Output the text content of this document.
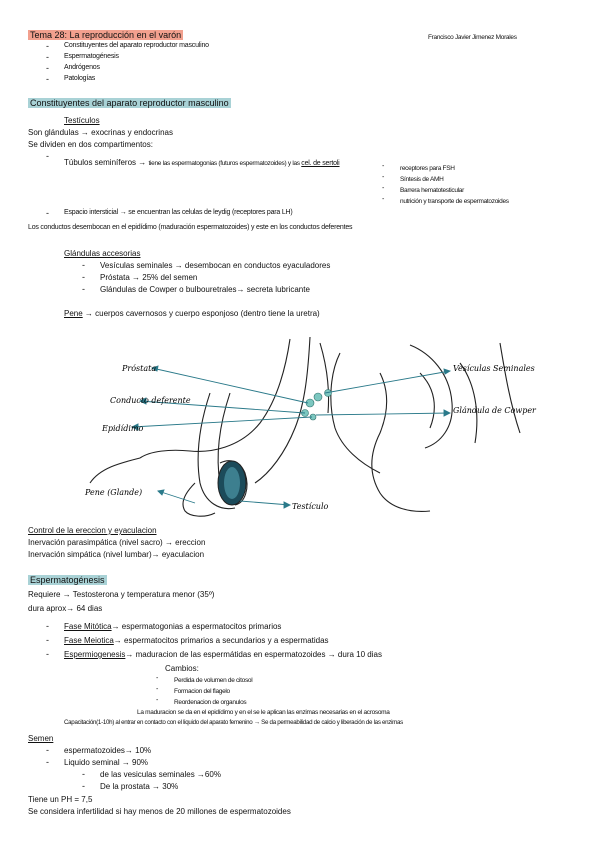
Tema 28: La reproducción en el varón	Francisco Javier Jimenez Morales
- Constituyentes del aparato reproductor masculino
- Espermatogénesis
- Andrógenos
- Patologías
Constituyentes del aparato reproductor masculino
Testículos
Son glándulas → exocrinas y endocrinas
Se dividen en dos compartimentos:
-
Túbulos seminíferos → tiene las espermatogonias (futuros espermatozoides) y las cel. de sertoli	- receptores para FSH
- Síntesis de AMH
- Barrera hematotesticular
- nutrición y transporte de espermatozoides
- Espacio intersticial → se encuentran las celulas de leydig (receptores para LH)
Los conductos desembocan en el epidídimo (maduración espermatozoides) y este en los conductos deferentes
Glándulas accesorias
- Vesículas seminales → desembocan en conductos eyaculadores
- Próstata → 25% del semen
- Glándulas de Cowper o bulbouretrales→ secreta lubricante
Pene → cuerpos cavernosos y cuerpo esponjoso (dentro tiene la uretra)
Próstata
Conducto deferente
Epidídimo
Pene (Glande)
Testículo
Vesículas Seminales
Glándula de Cowper
Control de la ereccion y eyaculacion
Inervación parasimpática (nivel sacro) → ereccion
Inervación simpática (nivel lumbar)→ eyaculacion
Espermatogénesis
Requiere → Testosterona y temperatura menor (35º)
dura aprox→ 64 dias
- Fase Mitótica→ espermatogonias a espermatocitos primarios
- Fase Meiotica→ espermatocitos primarios a secundarios y a espermatidas
- Espermiogenesis→ maduracion de las espermátidas en espermatozoides → dura 10 dias
Cambios:
- Perdida de volumen de citosol
- Formacion del flagelo
- Reordenacion de organulos
La maduracion se da en el epidídimo y en el se le aplican las enzimas necesarias en el acrosoma
Capacitación(1-10h) al entrar en contacto con el liquido del aparato femenino → Se da permeabilidad de calcio y liberación de las enzimas
Semen
- espermatozoides→ 10%
- Liquido seminal → 90%
- de las vesiculas seminales →60%
- De la prostata → 30%
Tiene un PH = 7,5
Se considera infertilidad si hay menos de 20 millones de espermatozoides
